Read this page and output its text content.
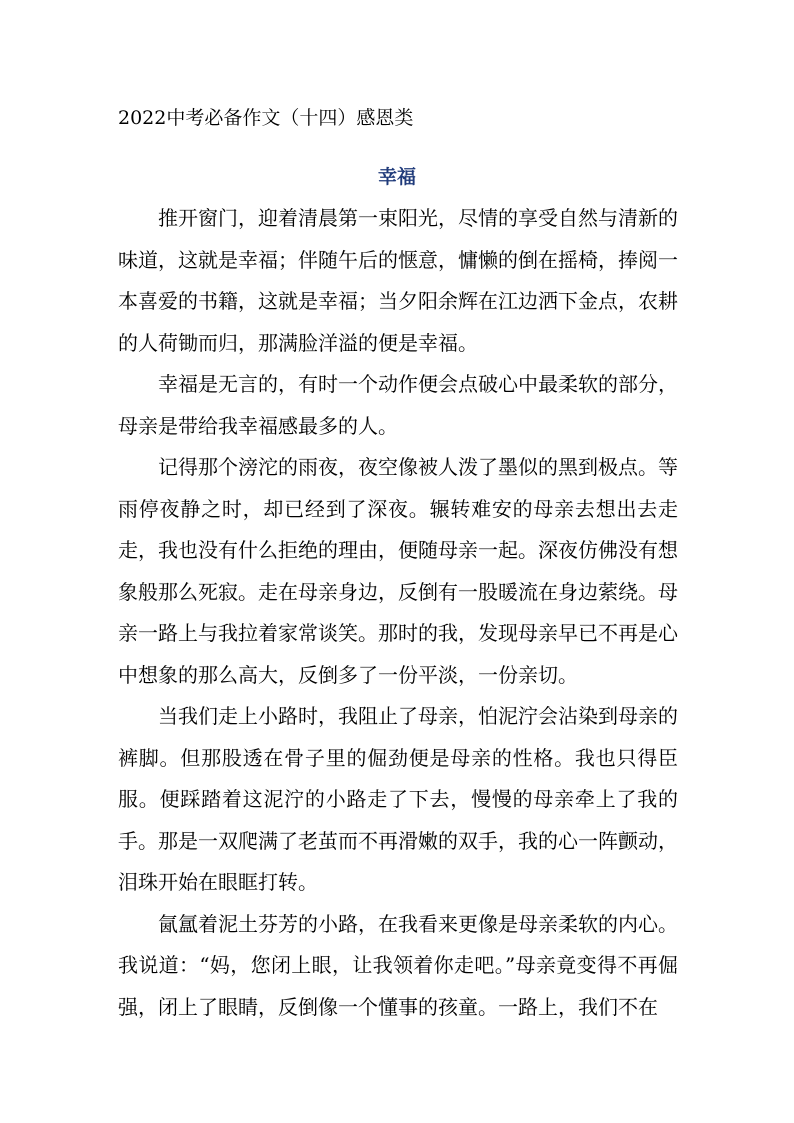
2022中考必备作文（十四）感恩类
幸福

推开窗门，迎着清晨第一束阳光，尽情的享受自然与清新的味道，这就是幸福；伴随午后的惬意，慵懒的倒在摇椅，捧阅一本喜爱的书籍，这就是幸福；当夕阳余辉在江边洒下金点，农耕的人荷锄而归，那满脸洋溢的便是幸福。

幸福是无言的，有时一个动作便会点破心中最柔软的部分，母亲是带给我幸福感最多的人。

记得那个滂沱的雨夜，夜空像被人泼了墨似的黑到极点。等雨停夜静之时，却已经到了深夜。辗转难安的母亲去想出去走走，我也没有什么拒绝的理由，便随母亲一起。深夜仿佛没有想象般那么死寂。走在母亲身边，反倒有一股暖流在身边萦绕。母亲一路上与我拉着家常谈笑。那时的我，发现母亲早已不再是心中想象的那么高大，反倒多了一份平淡，一份亲切。

当我们走上小路时，我阻止了母亲，怕泥泞会沾染到母亲的裤脚。但那股透在骨子里的倔劲便是母亲的性格。我也只得臣服。便踩踏着这泥泞的小路走了下去，慢慢的母亲牵上了我的手。那是一双爬满了老茧而不再滑嫩的双手，我的心一阵颤动，泪珠开始在眼眶打转。

氤氲着泥土芬芳的小路，在我看来更像是母亲柔软的内心。我说道：“妈，您闭上眼，让我领着你走吧。”母亲竟变得不再倔强，闭上了眼睛，反倒像一个懂事的孩童。一路上，我们不在
